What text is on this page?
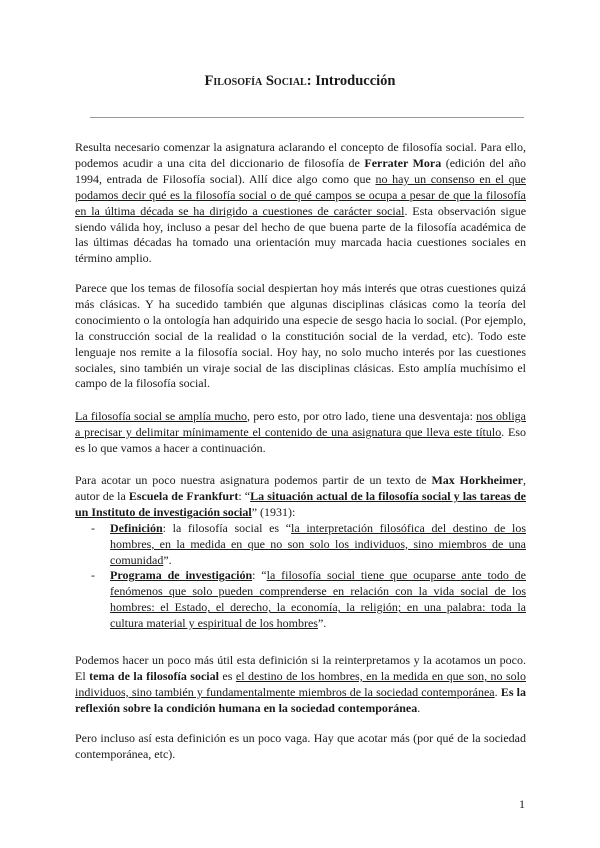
Filosofía Social: Introducción

Resulta necesario comenzar la asignatura aclarando el concepto de filosofía social. Para ello, podemos acudir a una cita del diccionario de filosofía de Ferrater Mora (edición del año 1994, entrada de Filosofía social). Allí dice algo como que no hay un consenso en el que podamos decir qué es la filosofía social o de qué campos se ocupa a pesar de que la filosofía en la última década se ha dirigido a cuestiones de carácter social. Esta observación sigue siendo válida hoy, incluso a pesar del hecho de que buena parte de la filosofía académica de las últimas décadas ha tomado una orientación muy marcada hacia cuestiones sociales en término amplio.

Parece que los temas de filosofía social despiertan hoy más interés que otras cuestiones quizá más clásicas. Y ha sucedido también que algunas disciplinas clásicas como la teoría del conocimiento o la ontología han adquirido una especie de sesgo hacia lo social. (Por ejemplo, la construcción social de la realidad o la constitución social de la verdad, etc). Todo este lenguaje nos remite a la filosofía social. Hoy hay, no solo mucho interés por las cuestiones sociales, sino también un viraje social de las disciplinas clásicas. Esto amplía muchísimo el campo de la filosofía social.

La filosofía social se amplía mucho, pero esto, por otro lado, tiene una desventaja: nos obliga a precisar y delimitar mínimamente el contenido de una asignatura que lleva este título. Eso es lo que vamos a hacer a continuación.

Para acotar un poco nuestra asignatura podemos partir de un texto de Max Horkheimer, autor de la Escuela de Frankfurt: “La situación actual de la filosofía social y las tareas de un Instituto de investigación social” (1931):

- Definición: la filosofía social es “la interpretación filosófica del destino de los hombres, en la medida en que no son solo los individuos, sino miembros de una comunidad”.
- Programa de investigación: “la filosofía social tiene que ocuparse ante todo de fenómenos que solo pueden comprenderse en relación con la vida social de los hombres: el Estado, el derecho, la economía, la religión; en una palabra: toda la cultura material y espiritual de los hombres”.

Podemos hacer un poco más útil esta definición si la reinterpretamos y la acotamos un poco. El tema de la filosofía social es el destino de los hombres, en la medida en que son, no solo individuos, sino también y fundamentalmente miembros de la sociedad contemporánea. Es la reflexión sobre la condición humana en la sociedad contemporánea.

Pero incluso así esta definición es un poco vaga. Hay que acotar más (por qué de la sociedad contemporánea, etc).

1
